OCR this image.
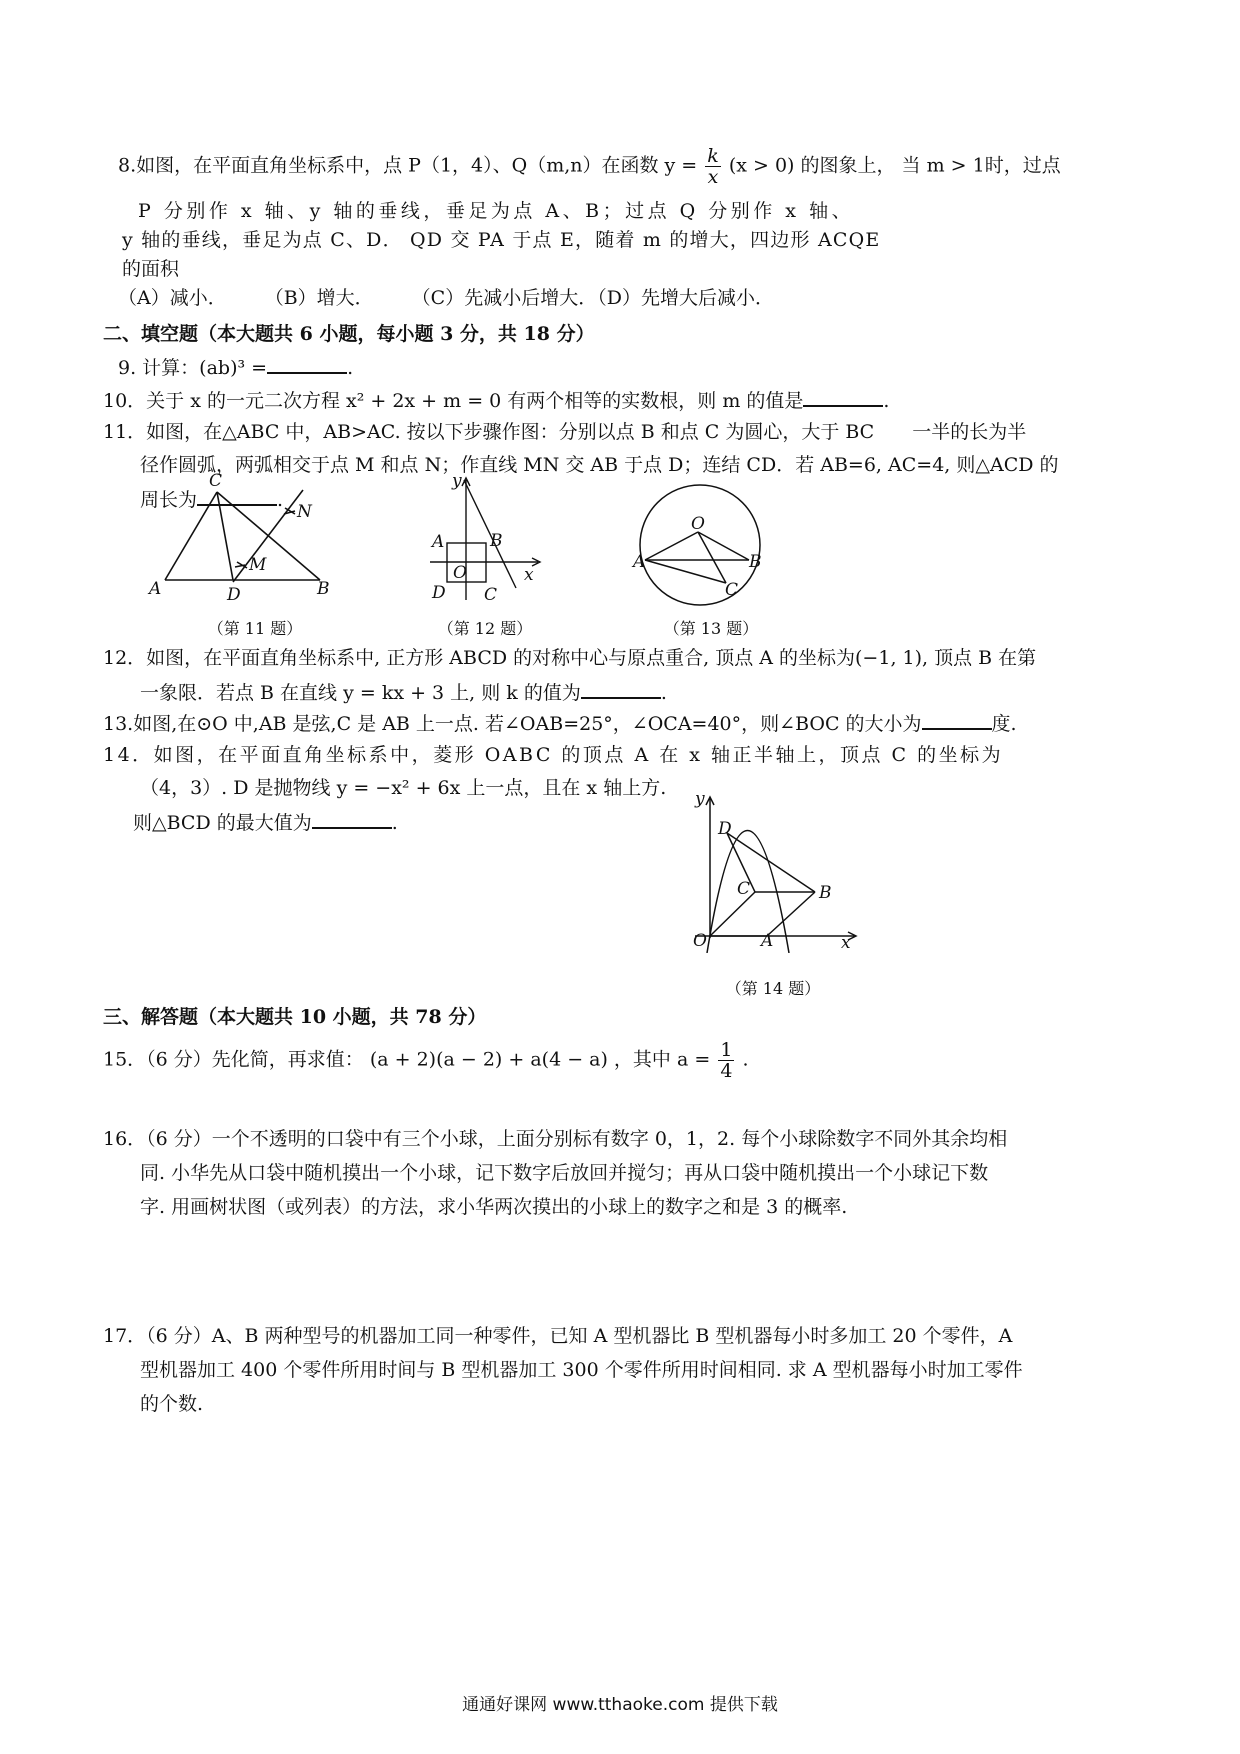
8.如图，在平面直角坐标系中，点 P（1，4）、Q（m,n）在函数 $y = \frac{k}{x} (x > 0)$ 的图象上， 当 m > 1时，过点
P 分别作 x 轴、y 轴的垂线，垂足为点 A、B；过点 Q 分别作 x 轴、
y 轴的垂线，垂足为点 C、D． QD 交 PA 于点 E，随着 m 的增大，四边形 ACQE
的面积
（A）减小．　　　（B）增大．　　　（C）先减小后增大．（D）先增大后减小．
二、填空题（本大题共 6 小题，每小题 3 分，共 18 分）
9. 计算：(ab)³ =	.
10．关于 x 的一元二次方程 x² + 2x + m = 0 有两个相等的实数根，则 m 的值是	.
11．如图，在△ABC 中，AB>AC. 按以下步骤作图：分别以点 B 和点 C 为圆心，大于 BC　　一半的长为半
径作圆弧，两弧相交于点 M 和点 N；作直线 MN 交 AB 于点 D；连结 CD．若 AB=6, AC=4, 则△ACD 的
周长为	.
C
N
M
A	D	B
（第 11 题）
y
A	B
O	x
D C
（第 12 题）
O
A	B
C
（第 13 题）
12．如图，在平面直角坐标系中, 正方形 ABCD 的对称中心与原点重合, 顶点 A 的坐标为(−1, 1), 顶点 B 在第
一象限．若点 B 在直线 y = kx + 3 上, 则 k 的值为	.
13.如图,在⊙O 中,AB 是弦,C 是 AB 上一点. 若∠OAB=25°，∠OCA=40°，则∠BOC 的大小为	度.
14．如图，在平面直角坐标系中，菱形 OABC 的顶点 A 在 x 轴正半轴上，顶点 C 的坐标为
（4，3）. D 是抛物线 y = −x² + 6x 上一点，且在 x 轴上方.
则△BCD 的最大值为	.
y
D
C	B
O	A	x
（第 14 题）
三、解答题（本大题共 10 小题，共 78 分）
15．（6 分）先化简，再求值： (a + 2)(a − 2) + a(4 − a) ，其中 $a = \frac{1}{4}$ .
16．（6 分）一个不透明的口袋中有三个小球，上面分别标有数字 0，1，2. 每个小球除数字不同外其余均相
同. 小华先从口袋中随机摸出一个小球，记下数字后放回并搅匀；再从口袋中随机摸出一个小球记下数
字. 用画树状图（或列表）的方法，求小华两次摸出的小球上的数字之和是 3 的概率.
17．（6 分）A、B 两种型号的机器加工同一种零件，已知 A 型机器比 B 型机器每小时多加工 20 个零件，A
型机器加工 400 个零件所用时间与 B 型机器加工 300 个零件所用时间相同. 求 A 型机器每小时加工零件
的个数.
通通好课网 www.tthaoke.com 提供下载
